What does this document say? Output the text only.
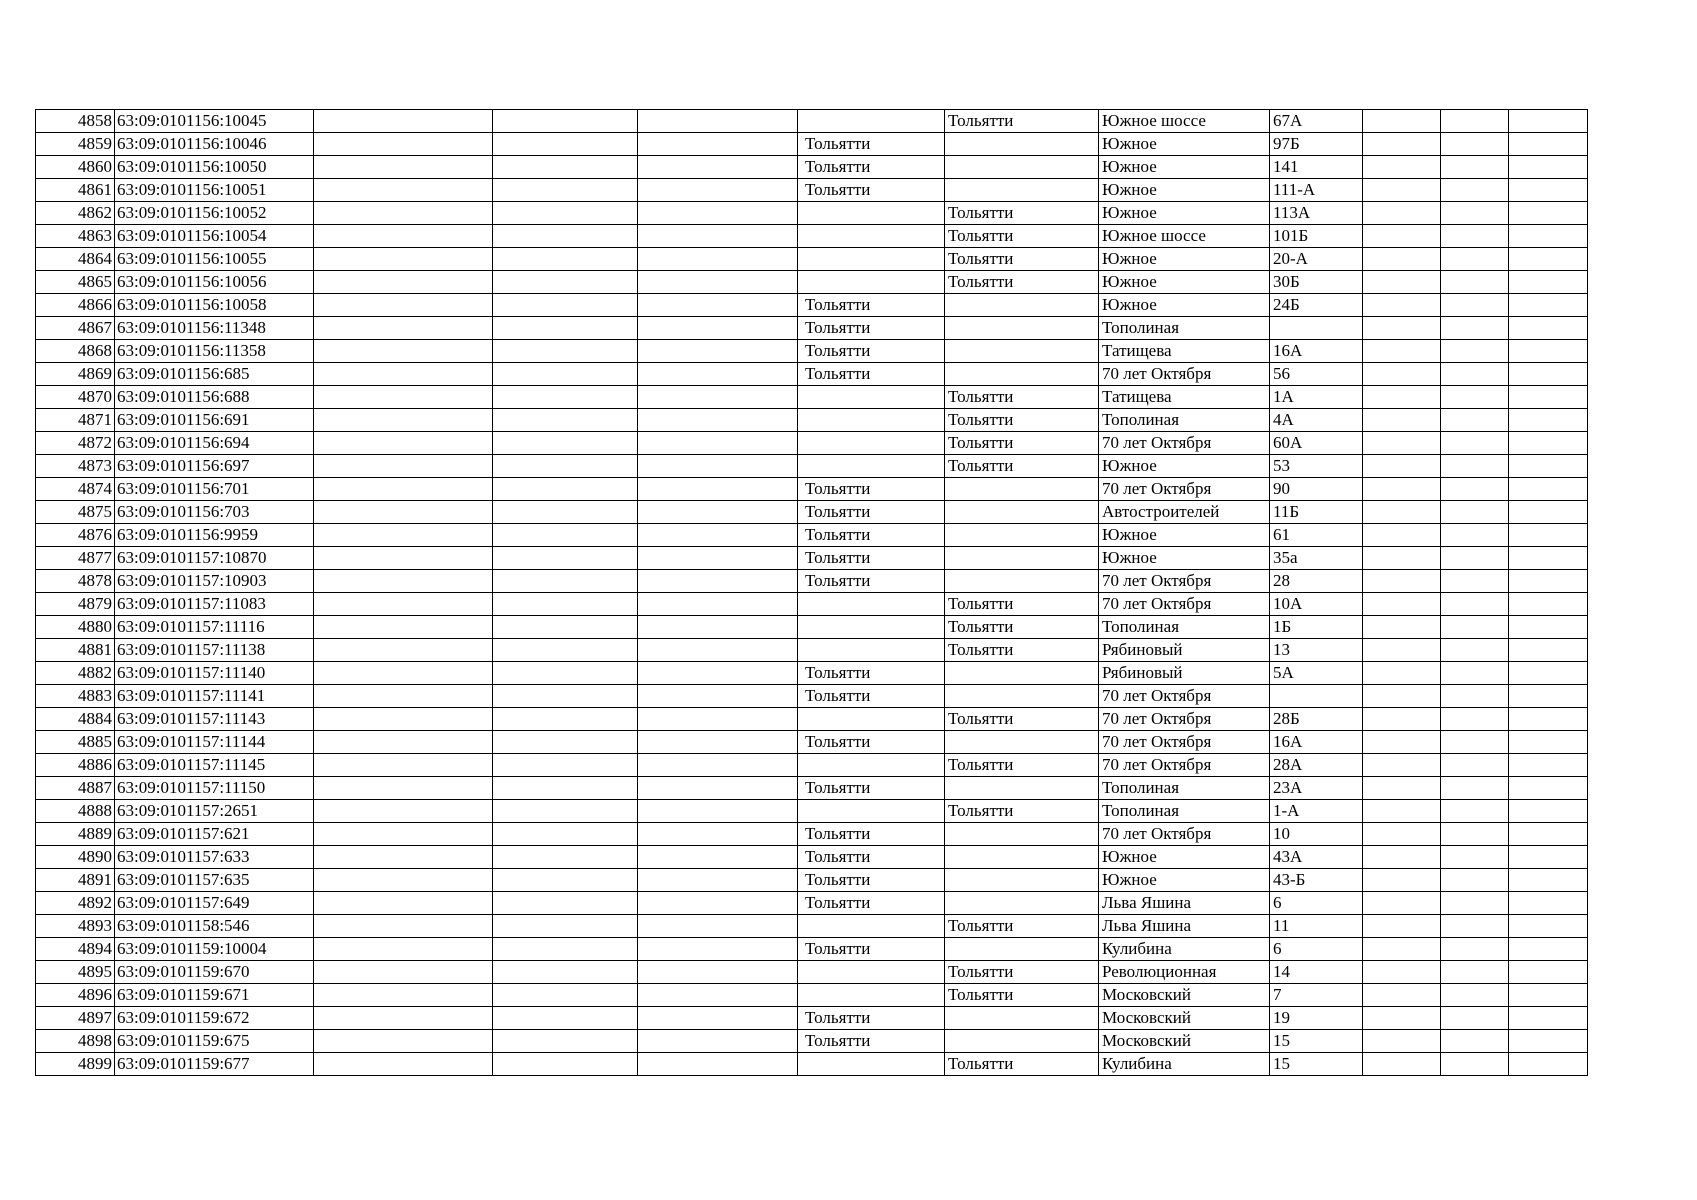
4858	63:09:0101156:10045					Тольятти	Южное шоссе	67А			
4859	63:09:0101156:10046				Тольятти		Южное	97Б			
4860	63:09:0101156:10050				Тольятти		Южное	141			
4861	63:09:0101156:10051				Тольятти		Южное	111-А			
4862	63:09:0101156:10052					Тольятти	Южное	113А			
4863	63:09:0101156:10054					Тольятти	Южное шоссе	101Б			
4864	63:09:0101156:10055					Тольятти	Южное	20-А			
4865	63:09:0101156:10056					Тольятти	Южное	30Б			
4866	63:09:0101156:10058				Тольятти		Южное	24Б			
4867	63:09:0101156:11348				Тольятти		Тополиная				
4868	63:09:0101156:11358				Тольятти		Татищева	16А			
4869	63:09:0101156:685				Тольятти		70 лет Октября	56			
4870	63:09:0101156:688					Тольятти	Татищева	1А			
4871	63:09:0101156:691					Тольятти	Тополиная	4А			
4872	63:09:0101156:694					Тольятти	70 лет Октября	60А			
4873	63:09:0101156:697					Тольятти	Южное	53			
4874	63:09:0101156:701				Тольятти		70 лет Октября	90			
4875	63:09:0101156:703				Тольятти		Автостроителей	11Б			
4876	63:09:0101156:9959				Тольятти		Южное	61			
4877	63:09:0101157:10870				Тольятти		Южное	35а			
4878	63:09:0101157:10903				Тольятти		70 лет Октября	28			
4879	63:09:0101157:11083					Тольятти	70 лет Октября	10А			
4880	63:09:0101157:11116					Тольятти	Тополиная	1Б			
4881	63:09:0101157:11138					Тольятти	Рябиновый	13			
4882	63:09:0101157:11140				Тольятти		Рябиновый	5А			
4883	63:09:0101157:11141				Тольятти		70 лет Октября				
4884	63:09:0101157:11143					Тольятти	70 лет Октября	28Б			
4885	63:09:0101157:11144				Тольятти		70 лет Октября	16А			
4886	63:09:0101157:11145					Тольятти	70 лет Октября	28А			
4887	63:09:0101157:11150				Тольятти		Тополиная	23А			
4888	63:09:0101157:2651					Тольятти	Тополиная	1-А			
4889	63:09:0101157:621				Тольятти		70 лет Октября	10			
4890	63:09:0101157:633				Тольятти		Южное	43А			
4891	63:09:0101157:635				Тольятти		Южное	43-Б			
4892	63:09:0101157:649				Тольятти		Льва Яшина	6			
4893	63:09:0101158:546					Тольятти	Льва Яшина	11			
4894	63:09:0101159:10004				Тольятти		Кулибина	6			
4895	63:09:0101159:670					Тольятти	Революционная	14			
4896	63:09:0101159:671					Тольятти	Московский	7			
4897	63:09:0101159:672				Тольятти		Московский	19			
4898	63:09:0101159:675				Тольятти		Московский	15			
4899	63:09:0101159:677					Тольятти	Кулибина	15			
